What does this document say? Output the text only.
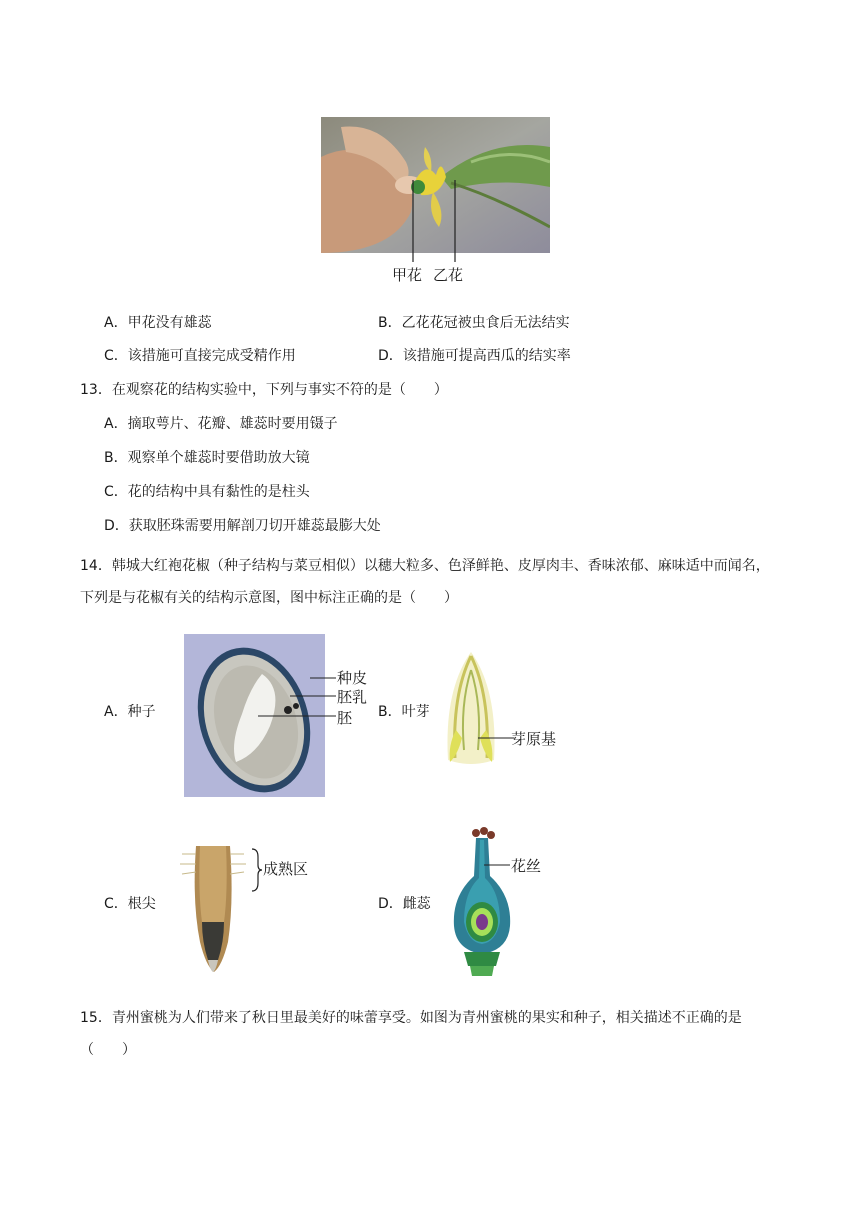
甲花 乙花
A．甲花没有雄蕊	B．乙花花冠被虫食后无法结实
C．该措施可直接完成受精作用	D．该措施可提高西瓜的结实率
13．在观察花的结构实验中，下列与事实不符的是（　　）
A．摘取萼片、花瓣、雄蕊时要用镊子
B．观察单个雄蕊时要借助放大镜
C．花的结构中具有黏性的是柱头
D．获取胚珠需要用解剖刀切开雄蕊最膨大处
14．韩城大红袍花椒（种子结构与菜豆相似）以穗大粒多、色泽鲜艳、皮厚肉丰、香味浓郁、麻味适中而闻名，下列是与花椒有关的结构示意图，图中标注正确的是（　　）
A．种子
种皮
胚乳
胚 B．叶芽
芽原基
C．根尖
成熟区
D．雌蕊
花丝
15．青州蜜桃为人们带来了秋日里最美好的味蕾享受。如图为青州蜜桃的果实和种子，相关描述不正确的是（　　）
